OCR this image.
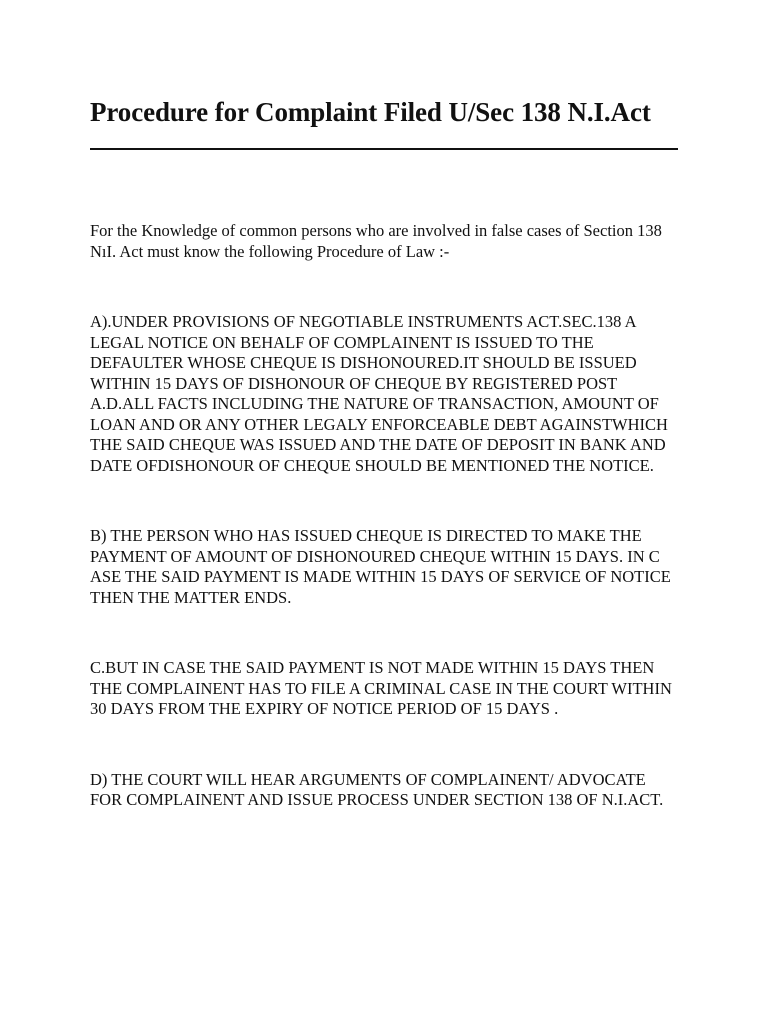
Procedure for Complaint Filed U/Sec 138 N.I.Act

For the Knowledge of common persons who are involved in false cases of Section 138 NıI. Act must know the following Procedure of Law :-

A).UNDER PROVISIONS OF NEGOTIABLE INSTRUMENTS ACT.SEC.138 A LEGAL NOTICE ON BEHALF OF COMPLAINENT IS ISSUED TO THE DEFAULTER WHOSE CHEQUE IS DISHONOURED.IT SHOULD BE ISSUED WITHIN 15 DAYS OF DISHONOUR OF CHEQUE BY REGISTERED POST A.D.ALL FACTS INCLUDING THE NATURE OF TRANSACTION, AMOUNT OF LOAN AND OR ANY OTHER LEGALY ENFORCEABLE DEBT AGAINSTWHICH THE SAID CHEQUE WAS ISSUED AND THE DATE OF DEPOSIT IN BANK AND DATE OFDISHONOUR OF CHEQUE SHOULD BE MENTIONED THE NOTICE.

B) THE PERSON WHO HAS ISSUED CHEQUE IS DIRECTED TO MAKE THE PAYMENT OF AMOUNT OF DISHONOURED CHEQUE WITHIN 15 DAYS. IN C ASE THE SAID PAYMENT IS MADE WITHIN 15 DAYS OF SERVICE OF NOTICE THEN THE MATTER ENDS.

C.BUT IN CASE THE SAID PAYMENT IS NOT MADE WITHIN 15 DAYS THEN THE COMPLAINENT HAS TO FILE A CRIMINAL CASE IN THE COURT WITHIN 30 DAYS FROM THE EXPIRY OF NOTICE PERIOD OF 15 DAYS .

D) THE COURT WILL HEAR ARGUMENTS OF COMPLAINENT/ ADVOCATE FOR COMPLAINENT AND ISSUE PROCESS UNDER SECTION 138 OF N.I.ACT.
